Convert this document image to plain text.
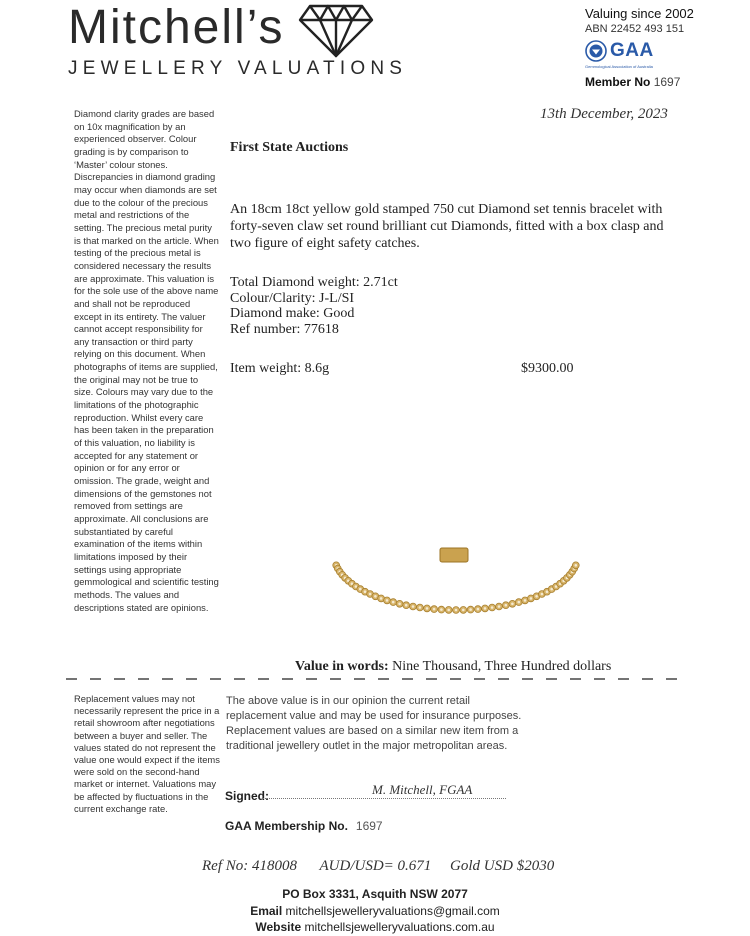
Mitchell’s
JEWELLERY VALUATIONS
Valuing since 2002
ABN 22452 493 151
GAA
Gemmological Association of Australia
Member No 1697
Diamond clarity grades are based on 10x magnification by an experienced observer. Colour grading is by comparison to ‘Master’ colour stones. Discrepancies in diamond grading may occur when diamonds are set due to the colour of the precious metal and restrictions of the setting. The precious metal purity is that marked on the article. When testing of the precious metal is considered necessary the results are approximate. This valuation is for the sole use of the above name and shall not be reproduced except in its entirety. The valuer cannot accept responsibility for any transaction or third party relying on this document. When photographs of items are supplied, the original may not be true to size. Colours may vary due to the limitations of the photographic reproduction. Whilst every care has been taken in the preparation of this valuation, no liability is accepted for any statement or opinion or for any error or omission. The grade, weight and dimensions of the gemstones not removed from settings are approximate. All conclusions are substantiated by careful examination of the items within limitations imposed by their settings using appropriate gemmological and scientific testing methods. The values and descriptions stated are opinions.
13th December, 2023
First State Auctions
An 18cm 18ct yellow gold stamped 750 cut Diamond set tennis bracelet with forty-seven claw set round brilliant cut Diamonds, fitted with a box clasp and two figure of eight safety catches.
Total Diamond weight: 2.71ct
Colour/Clarity: J-L/SI
Diamond make: Good
Ref number: 77618
Item weight: 8.6g	$9300.00
Value in words: Nine Thousand, Three Hundred dollars
Replacement values may not necessarily represent the price in a retail showroom after negotiations between a buyer and seller. The values stated do not represent the value one would expect if the items were sold on the second-hand market or internet. Valuations may be affected by fluctuations in the current exchange rate.
The above value is in our opinion the current retail replacement value and may be used for insurance purposes. Replacement values are based on a similar new item from a traditional jewellery outlet in the major metropolitan areas.
Signed:	M. Mitchell, FGAA
GAA Membership No. 1697
Ref No: 418008 AUD/USD= 0.671 Gold USD $2030
PO Box 3331, Asquith NSW 2077
Email mitchellsjewelleryvaluations@gmail.com
Website mitchellsjewelleryvaluations.com.au
